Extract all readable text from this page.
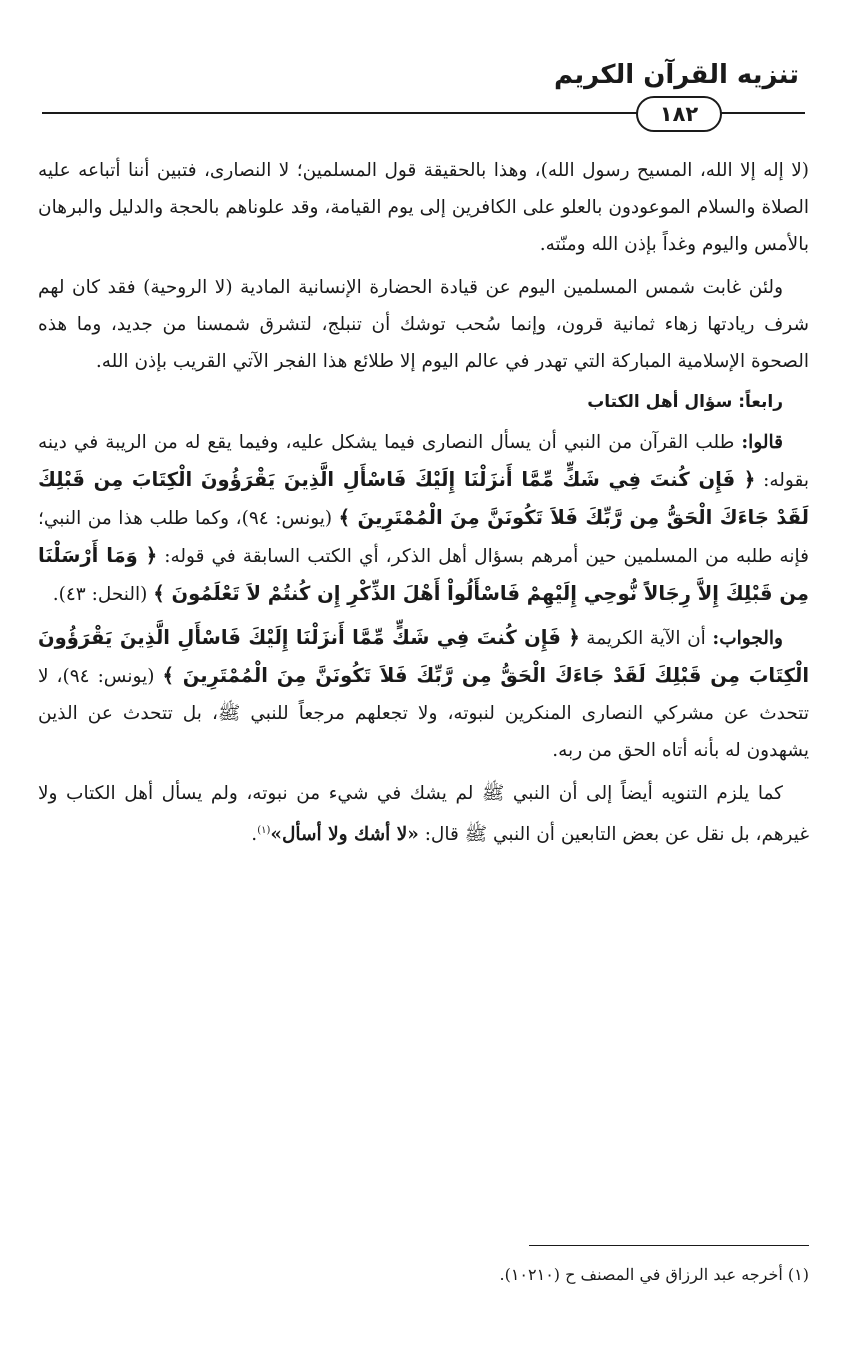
تنزيه القرآن الكريم
١٨٢

(لا إله إلا الله، المسيح رسول الله)، وهذا بالحقيقة قول المسلمين؛ لا النصارى، فتبين أننا أتباعه عليه الصلاة والسلام الموعودون بالعلو على الكافرين إلى يوم القيامة، وقد علوناهم بالحجة والدليل والبرهان بالأمس واليوم وغداً بإذن الله ومنّته.

ولئن غابت شمس المسلمين اليوم عن قيادة الحضارة الإنسانية المادية (لا الروحية) فقد كان لهم شرف ريادتها زهاء ثمانية قرون، وإنما سُحب توشك أن تنبلج، لتشرق شمسنا من جديد، وما هذه الصحوة الإسلامية المباركة التي تهدر في عالم اليوم إلا طلائع هذا الفجر الآتي القريب بإذن الله.

رابعاً: سؤال أهل الكتاب

قالوا: طلب القرآن من النبي أن يسأل النصارى فيما يشكل عليه، وفيما يقع له من الريبة في دينه بقوله: ﴿ فَإِن كُنتَ فِي شَكٍّ مِّمَّا أَنزَلْنَا إِلَيْكَ فَاسْأَلِ الَّذِينَ يَقْرَؤُونَ الْكِتَابَ مِن قَبْلِكَ لَقَدْ جَاءَكَ الْحَقُّ مِن رَّبِّكَ فَلاَ تَكُونَنَّ مِنَ الْمُمْتَرِينَ ﴾ (يونس: ٩٤)، وكما طلب هذا من النبي؛ فإنه طلبه من المسلمين حين أمرهم بسؤال أهل الذكر، أي الكتب السابقة في قوله: ﴿ وَمَا أَرْسَلْنَا مِن قَبْلِكَ إِلاَّ رِجَالاً نُّوحِي إِلَيْهِمْ فَاسْأَلُواْ أَهْلَ الذِّكْرِ إِن كُنتُمْ لاَ تَعْلَمُونَ ﴾ (النحل: ٤٣).

والجواب: أن الآية الكريمة ﴿ فَإِن كُنتَ فِي شَكٍّ مِّمَّا أَنزَلْنَا إِلَيْكَ فَاسْأَلِ الَّذِينَ يَقْرَؤُونَ الْكِتَابَ مِن قَبْلِكَ لَقَدْ جَاءَكَ الْحَقُّ مِن رَّبِّكَ فَلاَ تَكُونَنَّ مِنَ الْمُمْتَرِينَ ﴾ (يونس: ٩٤)، لا تتحدث عن مشركي النصارى المنكرين لنبوته، ولا تجعلهم مرجعاً للنبي ﷺ، بل تتحدث عن الذين يشهدون له بأنه أتاه الحق من ربه.

كما يلزم التنويه أيضاً إلى أن النبي ﷺ لم يشك في شيء من نبوته، ولم يسأل أهل الكتاب ولا غيرهم، بل نقل عن بعض التابعين أن النبي ﷺ قال: «لا أشك ولا أسأل»$^{(١)}$.

(١) أخرجه عبد الرزاق في المصنف ح (١٠٢١٠).
